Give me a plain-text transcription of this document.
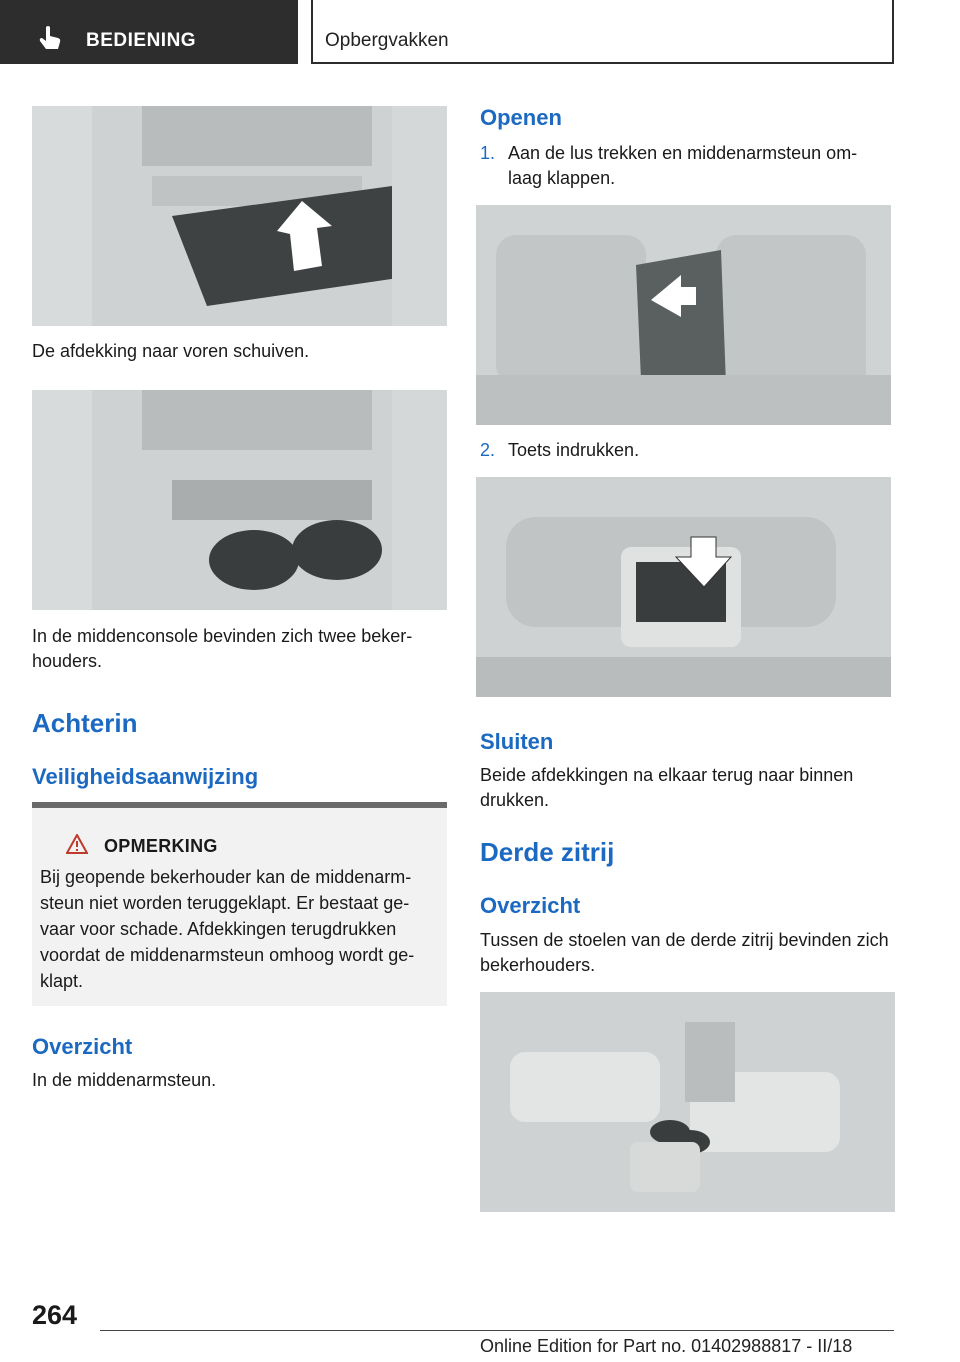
BEDIENING	Opbergvakken

De afdekking naar voren schuiven.

In de middenconsole bevinden zich twee beker-houders.

Achterin
Veiligheidsaanwijzing
OPMERKING
Bij geopende bekerhouder kan de middenarm-steun niet worden teruggeklapt. Er bestaat ge-vaar voor schade. Afdekkingen terugdrukken voordat de middenarmsteun omhoog wordt ge-klapt.
Overzicht

In de middenarmsteun.

Openen
1. Aan de lus trekken en middenarmsteun om-laag klappen.
2. Toets indrukken.
Sluiten

Beide afdekkingen na elkaar terug naar binnen drukken.

Derde zitrij
Overzicht

Tussen de stoelen van de derde zitrij bevinden zich bekerhouders.

264
Online Edition for Part no. 01402988817 - II/18
